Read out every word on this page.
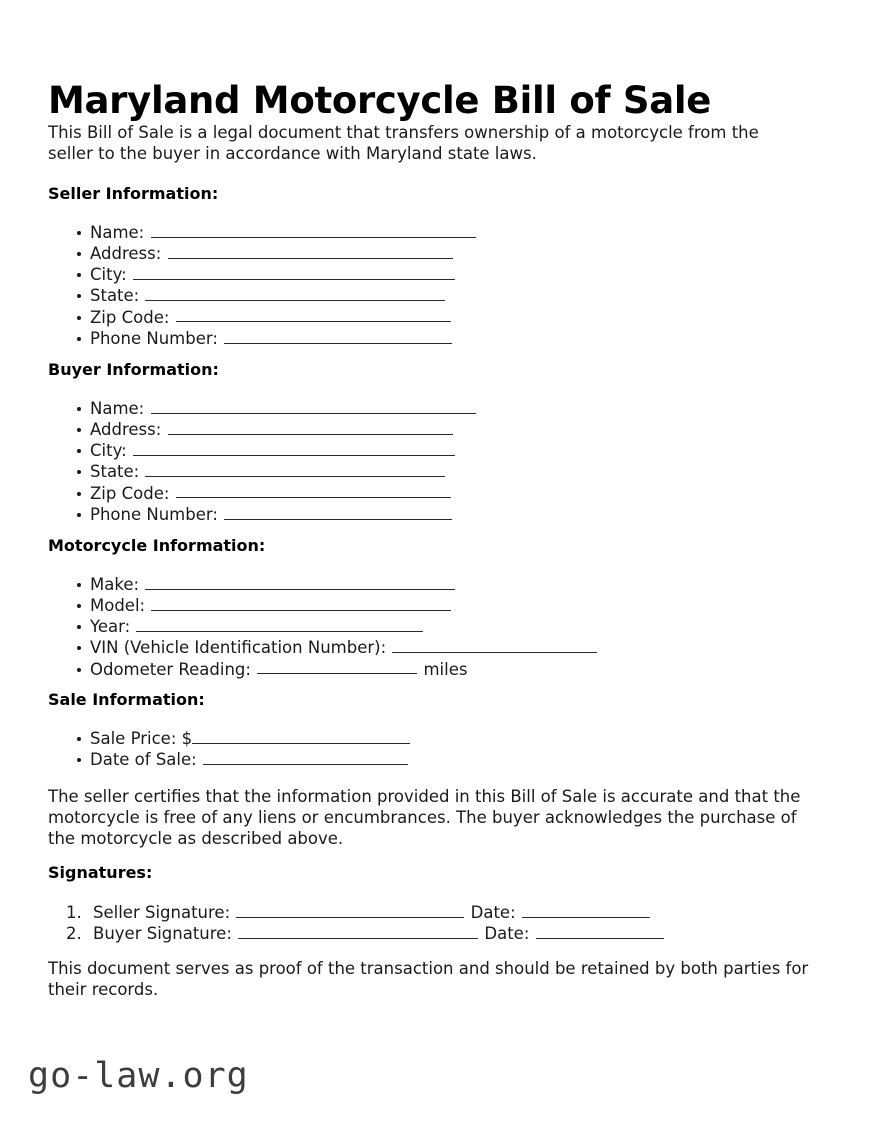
Maryland Motorcycle Bill of Sale

This Bill of Sale is a legal document that transfers ownership of a motorcycle from the seller to the buyer in accordance with Maryland state laws.

Seller Information:
Name:
Address:
City:
State:
Zip Code:
Phone Number:
Buyer Information:
Name:
Address:
City:
State:
Zip Code:
Phone Number:
Motorcycle Information:
Make:
Model:
Year:
VIN (Vehicle Identification Number):
Odometer Reading:	miles
Sale Information:
Sale Price: $
Date of Sale:

The seller certifies that the information provided in this Bill of Sale is accurate and that the motorcycle is free of any liens or encumbrances. The buyer acknowledges the purchase of the motorcycle as described above.

Signatures:
1. Seller Signature:	Date:
2. Buyer Signature:	Date:

This document serves as proof of the transaction and should be retained by both parties for their records.

go-law.org
